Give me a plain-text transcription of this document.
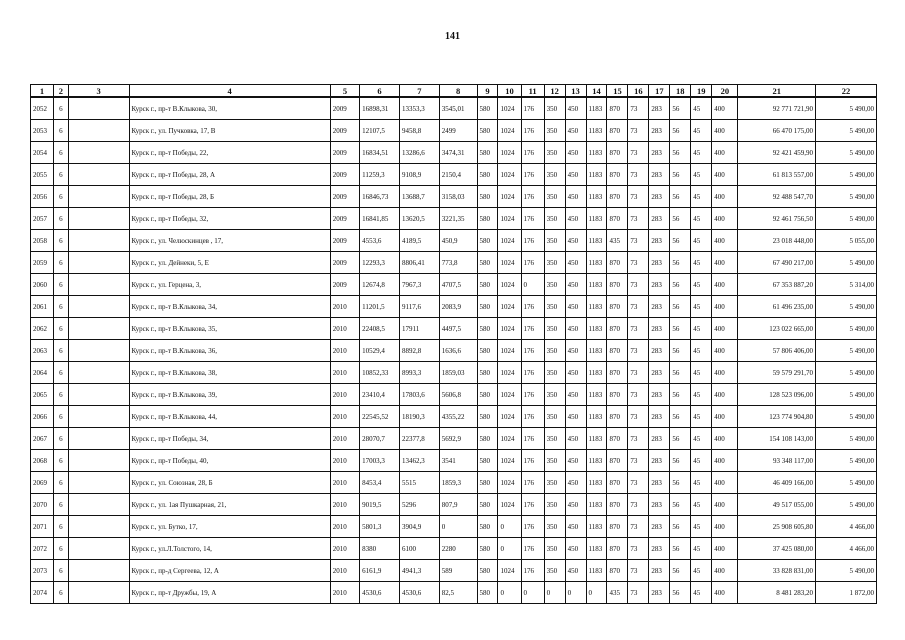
141
1	2	3	4	5	6	7	8	9	10	11	12	13	14	15	16	17	18	19	20	21	22
2052	6		Курск г., пр-т В.Клыкова, 30,	2009	16898,31	13353,3	3545,01	580	1024	176	350	450	1183	870	73	283	56	45	400	92 771 721,90	5 490,00
2053	6		Курск г., ул. Пучковка, 17, В	2009	12107,5	9458,8	2499	580	1024	176	350	450	1183	870	73	283	56	45	400	66 470 175,00	5 490,00
2054	6		Курск г., пр-т Победы, 22,	2009	16834,51	13286,6	3474,31	580	1024	176	350	450	1183	870	73	283	56	45	400	92 421 459,90	5 490,00
2055	6		Курск г., пр-т Победы, 28, А	2009	11259,3	9108,9	2150,4	580	1024	176	350	450	1183	870	73	283	56	45	400	61 813 557,00	5 490,00
2056	6		Курск г., пр-т Победы, 28, Б	2009	16846,73	13688,7	3158,03	580	1024	176	350	450	1183	870	73	283	56	45	400	92 488 547,70	5 490,00
2057	6		Курск г., пр-т Победы, 32,	2009	16841,85	13620,5	3221,35	580	1024	176	350	450	1183	870	73	283	56	45	400	92 461 756,50	5 490,00
2058	6		Курск г., ул. Челюскинцев , 17,	2009	4553,6	4189,5	450,9	580	1024	176	350	450	1183	435	73	283	56	45	400	23 018 448,00	5 055,00
2059	6		Курск г., ул. Дейнеки, 5, Е	2009	12293,3	8806,41	773,8	580	1024	176	350	450	1183	870	73	283	56	45	400	67 490 217,00	5 490,00
2060	6		Курск г., ул. Герцена, 3,	2009	12674,8	7967,3	4707,5	580	1024	0	350	450	1183	870	73	283	56	45	400	67 353 887,20	5 314,00
2061	6		Курск г., пр-т В.Клыкова, 34,	2010	11201,5	9117,6	2083,9	580	1024	176	350	450	1183	870	73	283	56	45	400	61 496 235,00	5 490,00
2062	6		Курск г., пр-т В.Клыкова, 35,	2010	22408,5	17911	4497,5	580	1024	176	350	450	1183	870	73	283	56	45	400	123 022 665,00	5 490,00
2063	6		Курск г., пр-т В.Клыкова, 36,	2010	10529,4	8892,8	1636,6	580	1024	176	350	450	1183	870	73	283	56	45	400	57 806 406,00	5 490,00
2064	6		Курск г., пр-т В.Клыкова, 38,	2010	10852,33	8993,3	1859,03	580	1024	176	350	450	1183	870	73	283	56	45	400	59 579 291,70	5 490,00
2065	6		Курск г., пр-т В.Клыкова, 39,	2010	23410,4	17803,6	5606,8	580	1024	176	350	450	1183	870	73	283	56	45	400	128 523 096,00	5 490,00
2066	6		Курск г., пр-т В.Клыкова, 44,	2010	22545,52	18190,3	4355,22	580	1024	176	350	450	1183	870	73	283	56	45	400	123 774 904,80	5 490,00
2067	6		Курск г., пр-т Победы, 34,	2010	28070,7	22377,8	5692,9	580	1024	176	350	450	1183	870	73	283	56	45	400	154 108 143,00	5 490,00
2068	6		Курск г., пр-т Победы, 40,	2010	17003,3	13462,3	3541	580	1024	176	350	450	1183	870	73	283	56	45	400	93 348 117,00	5 490,00
2069	6		Курск г., ул. Союзная, 28, Б	2010	8453,4	5515	1859,3	580	1024	176	350	450	1183	870	73	283	56	45	400	46 409 166,00	5 490,00
2070	6		Курск г., ул. 1ая Пушкарная, 21,	2010	9019,5	5296	807,9	580	1024	176	350	450	1183	870	73	283	56	45	400	49 517 055,00	5 490,00
2071	6		Курск г., ул. Бутко, 17,	2010	5801,3	3904,9	0	580	0	176	350	450	1183	870	73	283	56	45	400	25 908 605,80	4 466,00
2072	6		Курск г., ул.Л.Толстого, 14,	2010	8380	6100	2280	580	0	176	350	450	1183	870	73	283	56	45	400	37 425 080,00	4 466,00
2073	6		Курск г., пр-д Сергеева, 12, А	2010	6161,9	4941,3	589	580	1024	176	350	450	1183	870	73	283	56	45	400	33 828 831,00	5 490,00
2074	6		Курск г., пр-т Дружбы, 19, А	2010	4530,6	4530,6	82,5	580	0	0	0	0	0	435	73	283	56	45	400	8 481 283,20	1 872,00
